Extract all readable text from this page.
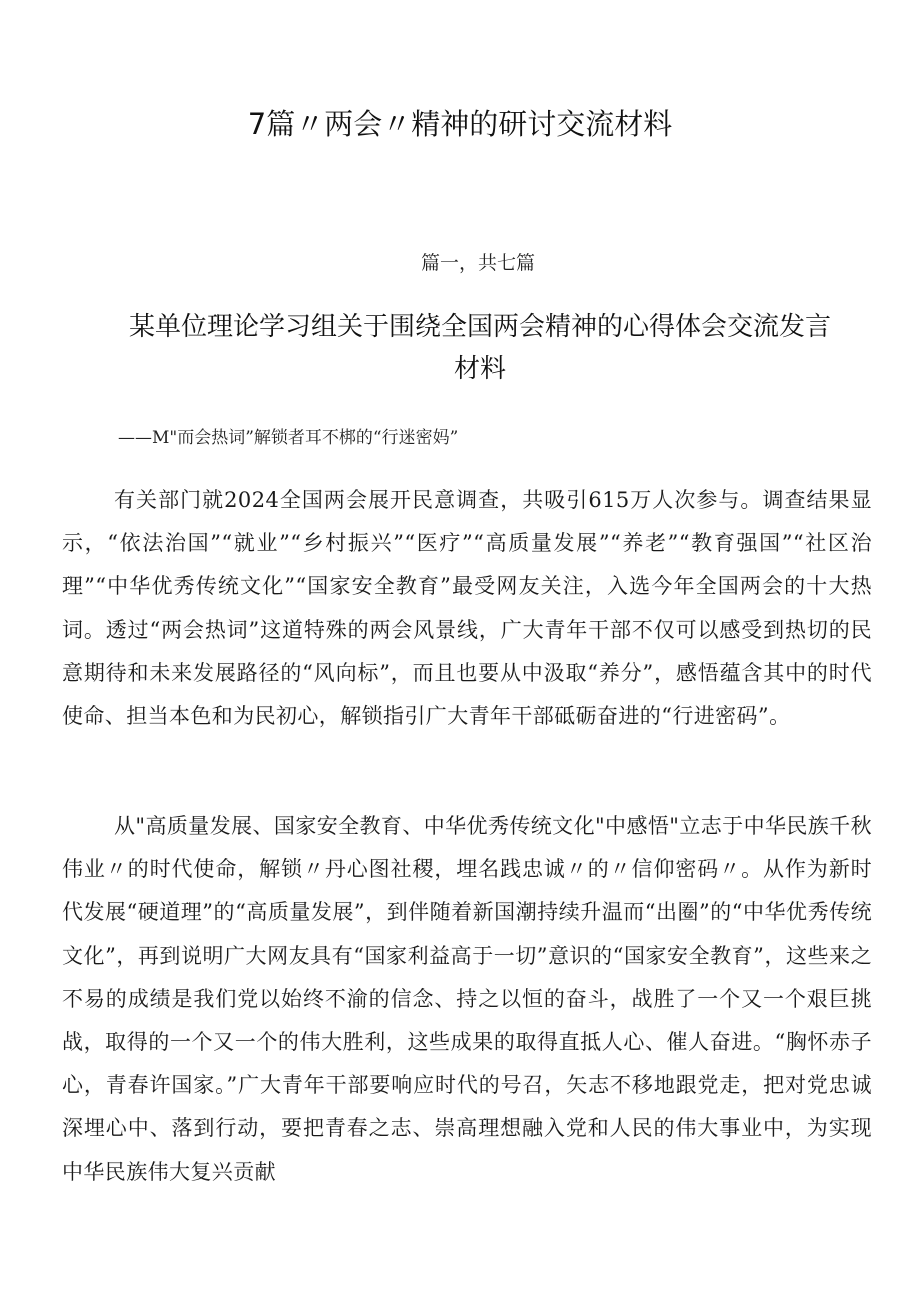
7篇〃两会〃精神的研讨交流材料
篇一，共七篇
某单位理论学习组关于围绕全国两会精神的心得体会交流发言材料
——M"而会热词”解锁者耳不梆的“行迷密妈”

有关部门就2024全国两会展开民意调查，共吸引615万人次参与。调查结果显示，“依法治国”“就业”“乡村振兴”“医疗”“高质量发展”“养老”“教育强国”“社区治理”“中华优秀传统文化”“国家安全教育”最受网友关注，入选今年全国两会的十大热词。透过“两会热词”这道特殊的两会风景线，广大青年干部不仅可以感受到热切的民意期待和未来发展路径的“风向标”，而且也要从中汲取“养分”，感悟蕴含其中的时代使命、担当本色和为民初心，解锁指引广大青年干部砥砺奋进的“行进密码”。

从"高质量发展、国家安全教育、中华优秀传统文化"中感悟"立志于中华民族千秋伟业〃的时代使命，解锁〃丹心图社稷，埋名践忠诚〃的〃信仰密码〃。从作为新时代发展“硬道理”的“高质量发展”，到伴随着新国潮持续升温而“出圈”的“中华优秀传统文化”，再到说明广大网友具有“国家利益高于一切”意识的“国家安全教育”，这些来之不易的成绩是我们党以始终不渝的信念、持之以恒的奋斗，战胜了一个又一个艰巨挑战，取得的一个又一个的伟大胜利，这些成果的取得直抵人心、催人奋进。“胸怀赤子心，青春许国家。”广大青年干部要响应时代的号召，矢志不移地跟党走，把对党忠诚深埋心中、落到行动，要把青春之志、崇高理想融入党和人民的伟大事业中，为实现中华民族伟大复兴贡献
